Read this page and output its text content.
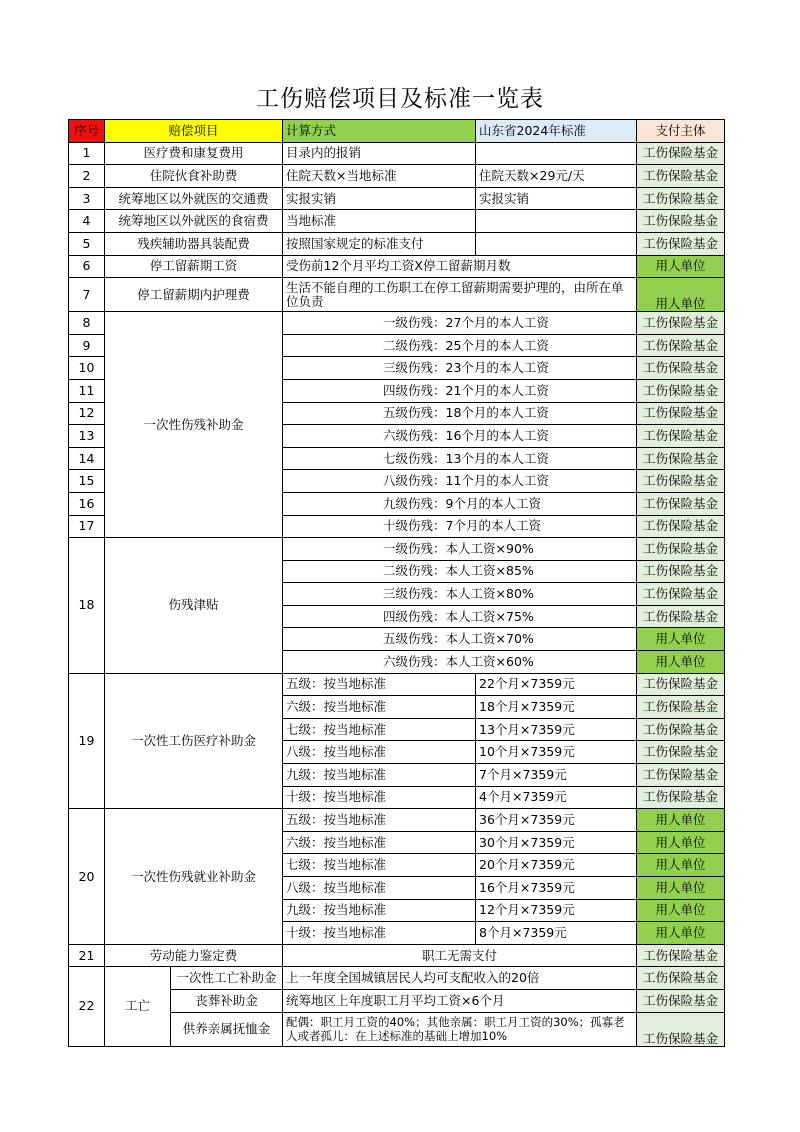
工伤赔偿项目及标准一览表
序号	赔偿项目		计算方式	山东省2024年标准	支付主体
1	医疗费和康复费用		目录内的报销		工伤保险基金
2	住院伙食补助费		住院天数×当地标准	住院天数×29元/天	工伤保险基金
3	统筹地区以外就医的交通费		实报实销	实报实销	工伤保险基金
4	统筹地区以外就医的食宿费		当地标准		工伤保险基金
5	残疾辅助器具装配费		按照国家规定的标准支付		工伤保险基金
6	停工留薪期工资		受伤前12个月平均工资X停工留薪期月数		用人单位
7	停工留薪期内护理费		生活不能自理的工伤职工在停工留薪期需要护理的，由所在单位负责		用人单位
8	一次性伤残补助金		一级伤残：27个月的本人工资		工伤保险基金
9			二级伤残：25个月的本人工资		工伤保险基金
10			三级伤残：23个月的本人工资		工伤保险基金
11			四级伤残：21个月的本人工资		工伤保险基金
12			五级伤残：18个月的本人工资		工伤保险基金
13			六级伤残：16个月的本人工资		工伤保险基金
14			七级伤残：13个月的本人工资		工伤保险基金
15			八级伤残：11个月的本人工资		工伤保险基金
16			九级伤残：9个月的本人工资		工伤保险基金
17			十级伤残：7个月的本人工资		工伤保险基金
18	伤残津贴		一级伤残：本人工资×90%		工伤保险基金
			二级伤残：本人工资×85%		工伤保险基金
			三级伤残：本人工资×80%		工伤保险基金
			四级伤残：本人工资×75%		工伤保险基金
			五级伤残：本人工资×70%		用人单位
			六级伤残：本人工资×60%		用人单位
19	一次性工伤医疗补助金		五级：按当地标准	22个月×7359元	工伤保险基金
			六级：按当地标准	18个月×7359元	工伤保险基金
			七级：按当地标准	13个月×7359元	工伤保险基金
			八级：按当地标准	10个月×7359元	工伤保险基金
			九级：按当地标准	7个月×7359元	工伤保险基金
			十级：按当地标准	4个月×7359元	工伤保险基金
20	一次性伤残就业补助金		五级：按当地标准	36个月×7359元	用人单位
			六级：按当地标准	30个月×7359元	用人单位
			七级：按当地标准	20个月×7359元	用人单位
			八级：按当地标准	16个月×7359元	用人单位
			九级：按当地标准	12个月×7359元	用人单位
			十级：按当地标准	8个月×7359元	用人单位
21	劳动能力鉴定费		职工无需支付		工伤保险基金
22	工亡	一次性工亡补助金	上一年度全国城镇居民人均可支配收入的20倍		工伤保险基金
		丧葬补助金	统筹地区上年度职工月平均工资×6个月		工伤保险基金
		供养亲属抚恤金	配偶：职工月工资的40%；其他亲属：职工月工资的30%；孤寡老人或者孤儿：在上述标准的基础上增加10%		工伤保险基金
